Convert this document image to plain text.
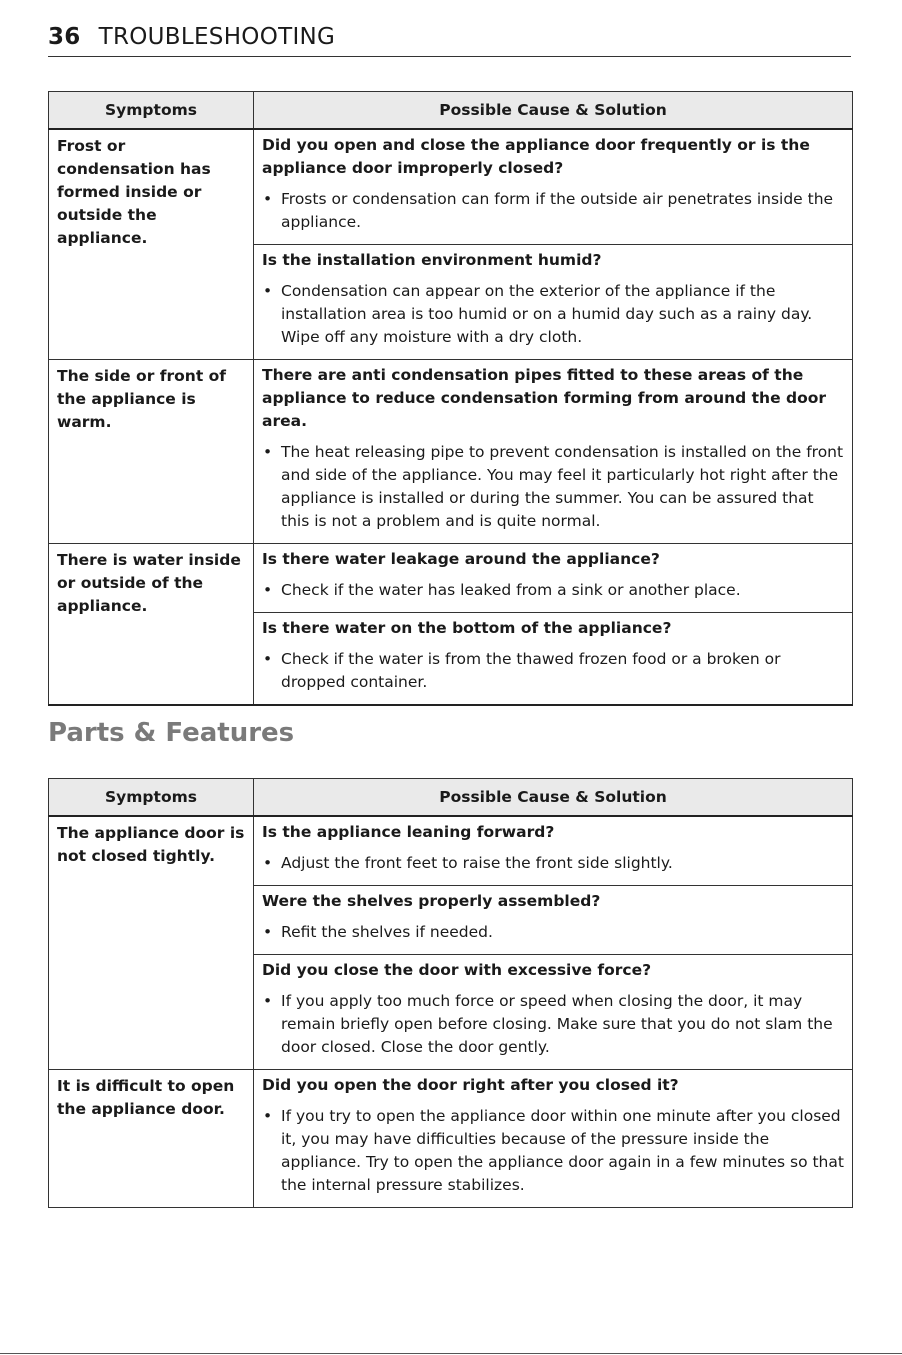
36 TROUBLESHOOTING
Symptoms	Possible Cause & Solution
Frost or condensation has formed inside or outside the appliance.	Did you open and close the appliance door frequently or is the appliance door improperly closed?
• Frosts or condensation can form if the outside air penetrates inside the appliance.

	Is the installation environment humid?
• Condensation can appear on the exterior of the appliance if the installation area is too humid or on a humid day such as a rainy day. Wipe off any moisture with a dry cloth.

The side or front of the appliance is warm.	There are anti condensation pipes fitted to these areas of the appliance to reduce condensation forming from around the door area.
• The heat releasing pipe to prevent condensation is installed on the front and side of the appliance. You may feel it particularly hot right after the appliance is installed or during the summer. You can be assured that this is not a problem and is quite normal.

There is water inside or outside of the appliance.	Is there water leakage around the appliance?
• Check if the water has leaked from a sink or another place.

	Is there water on the bottom of the appliance?
• Check if the water is from the thawed frozen food or a broken or dropped container.
Parts & Features
Symptoms	Possible Cause & Solution
The appliance door is not closed tightly.	Is the appliance leaning forward?
• Adjust the front feet to raise the front side slightly.

	Were the shelves properly assembled?
• Refit the shelves if needed.

	Did you close the door with excessive force?
• If you apply too much force or speed when closing the door, it may remain briefly open before closing. Make sure that you do not slam the door closed. Close the door gently.

It is difficult to open the appliance door.	Did you open the door right after you closed it?
• If you try to open the appliance door within one minute after you closed it, you may have difficulties because of the pressure inside the appliance. Try to open the appliance door again in a few minutes so that the internal pressure stabilizes.
